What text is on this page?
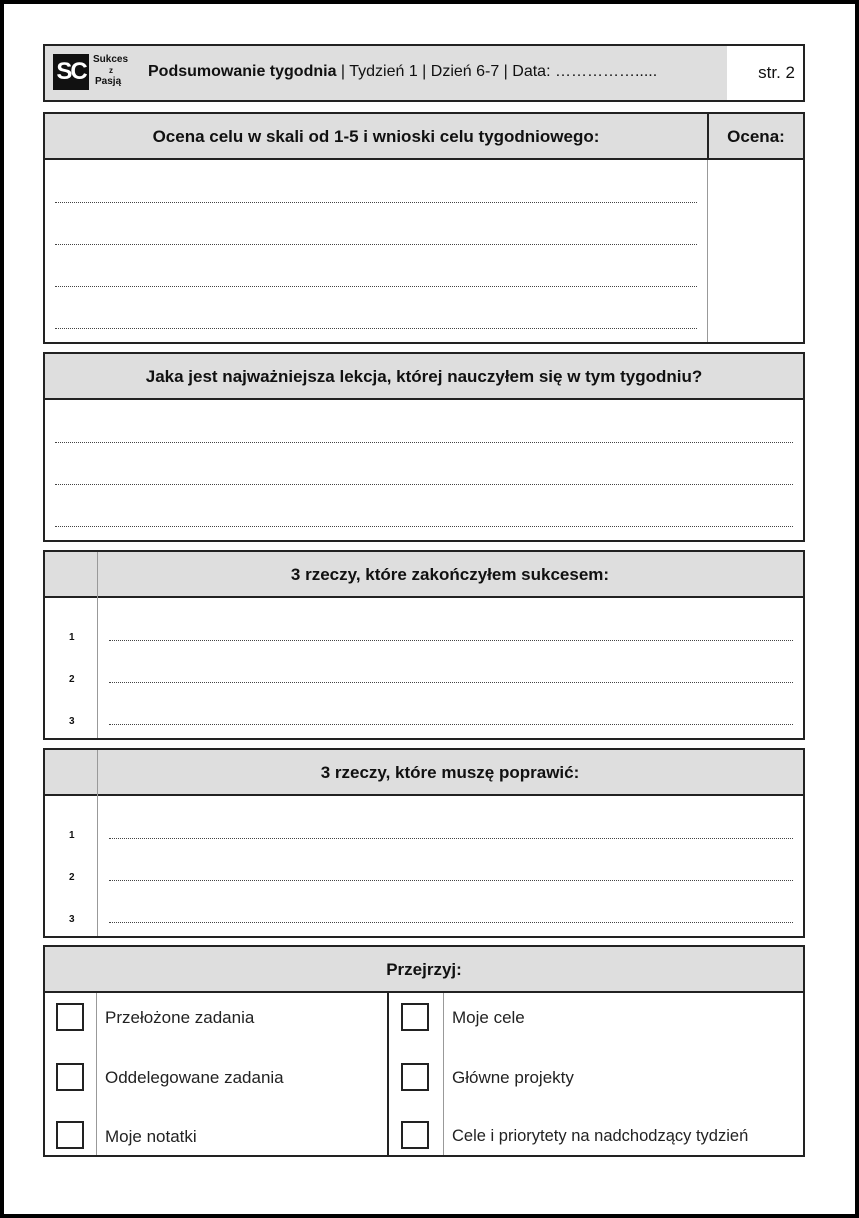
SC Sukces
z
Pasją
Podsumowanie tygodnia | Tydzień 1 | Dzień 6-7 | Data: …………….....	str. 2
Ocena celu w skali od 1-5 i wnioski celu tygodniowego:	Ocena:
Jaka jest najważniejsza lekcja, której nauczyłem się w tym tygodniu?
3 rzeczy, które zakończyłem sukcesem:
1
2
3
3 rzeczy, które muszę poprawić:
1
2
3
Przejrzyj:
Przełożone zadania
Oddelegowane zadania
Moje notatki
Moje cele
Główne projekty
Cele i priorytety na nadchodzący tydzień
